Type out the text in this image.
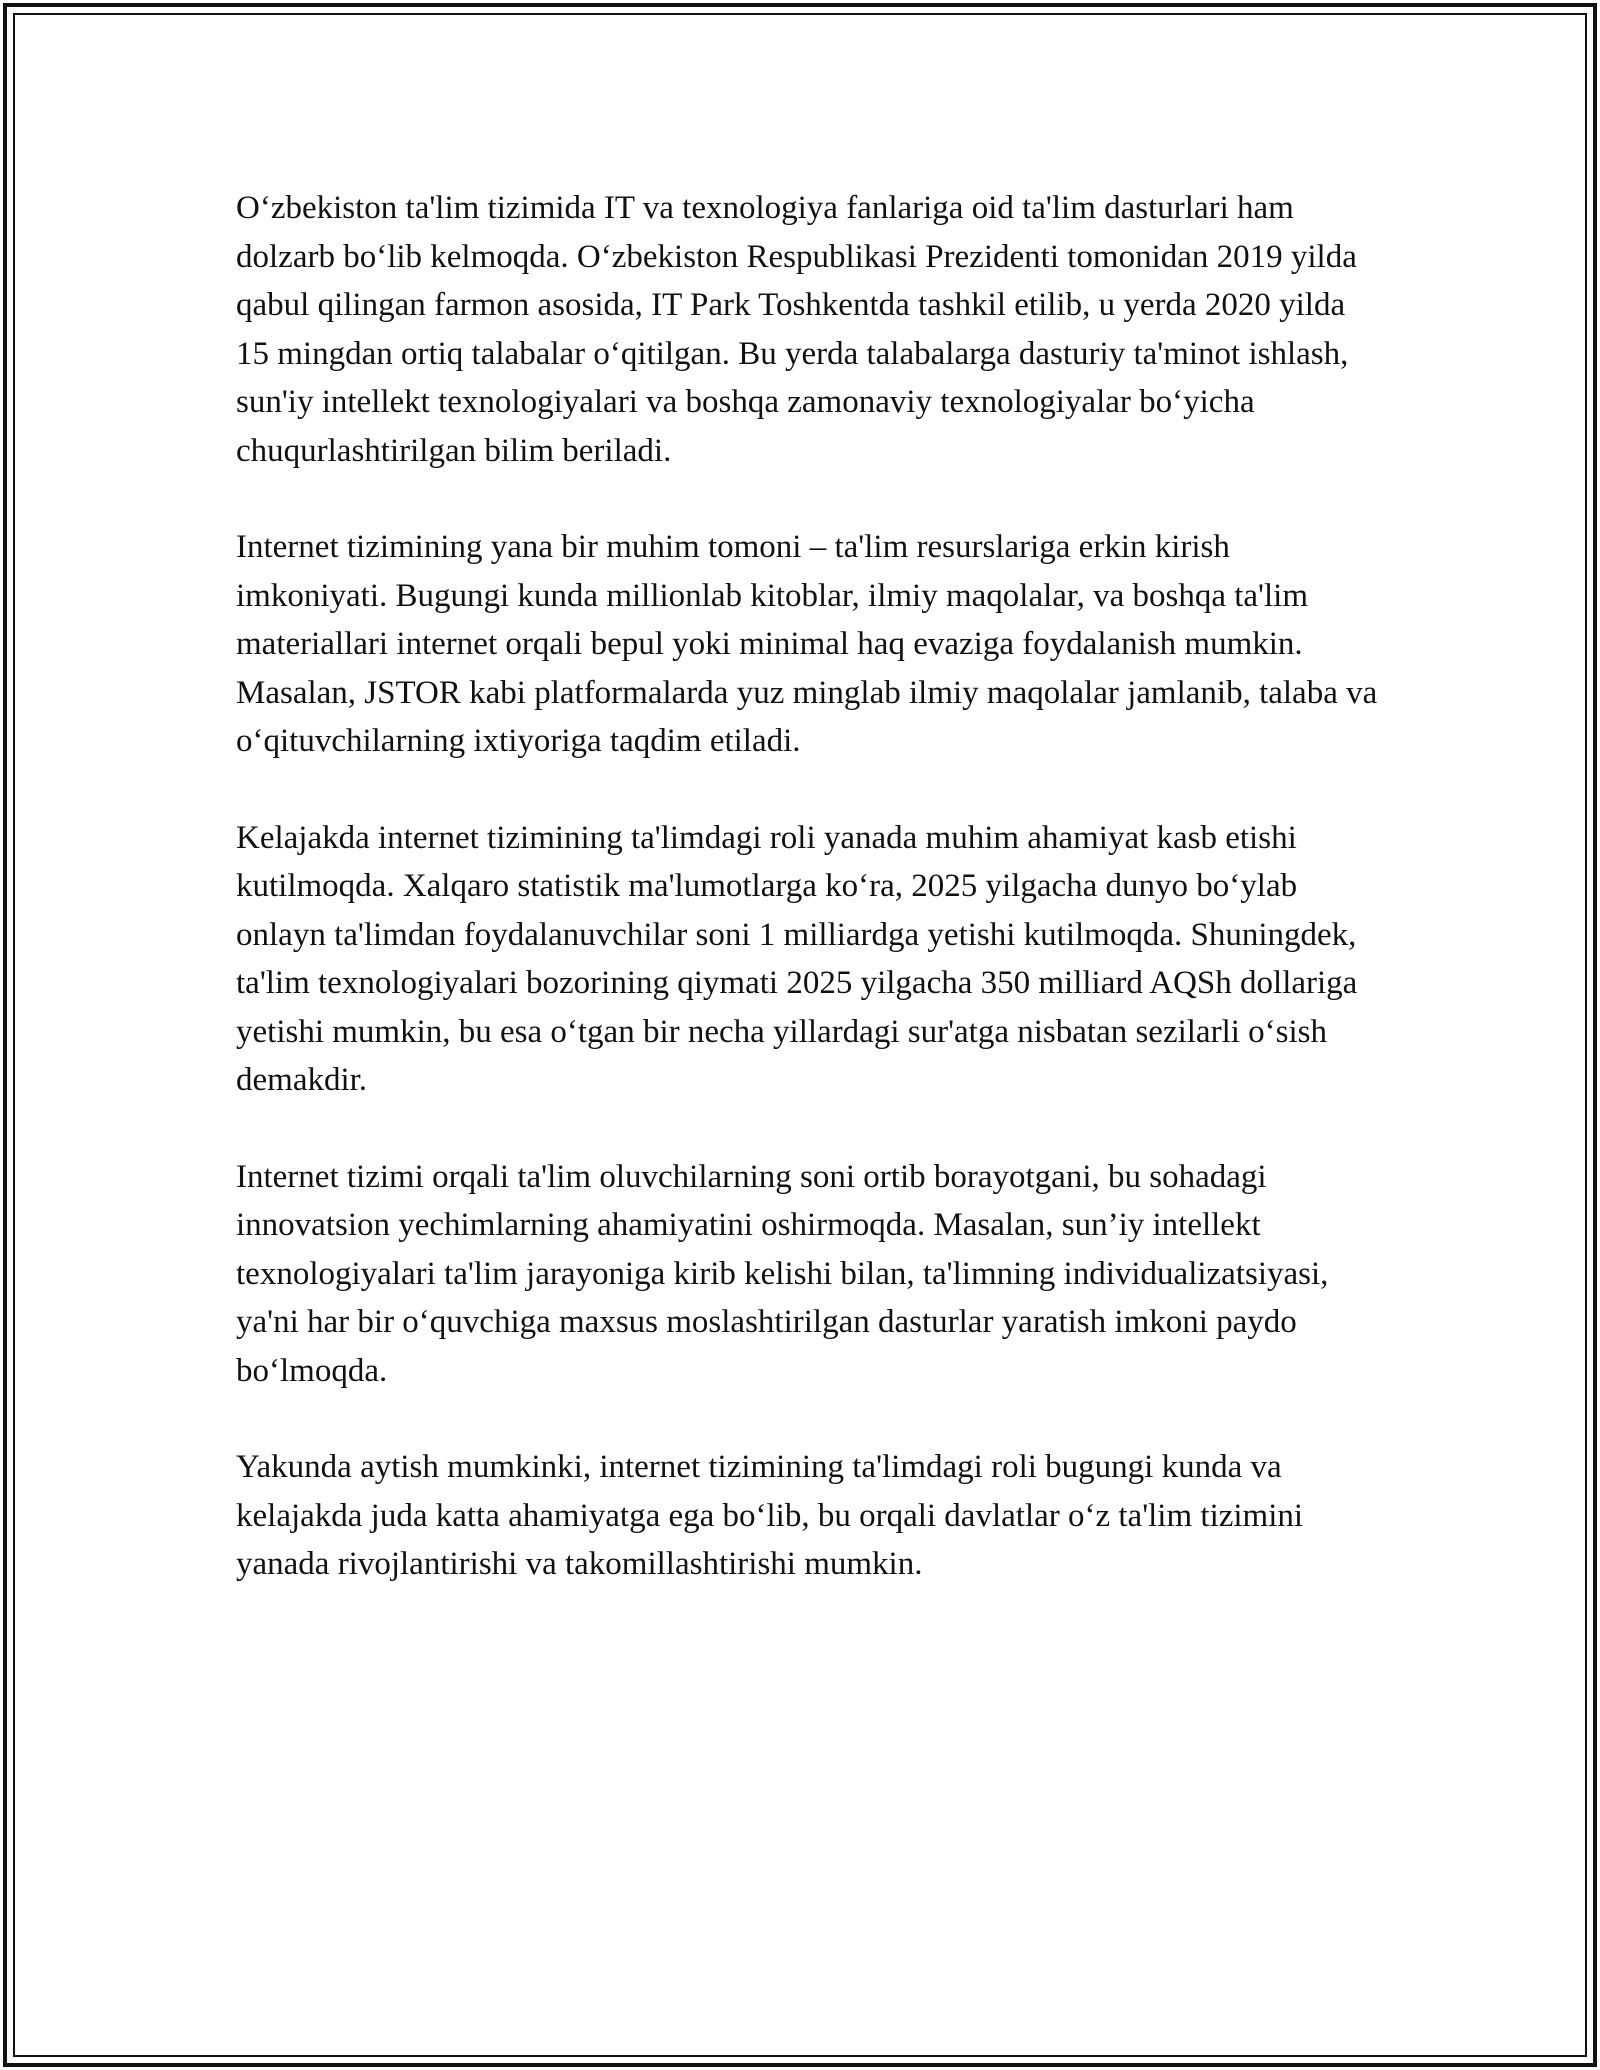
O‘zbekiston ta'lim tizimida IT va texnologiya fanlariga oid ta'lim dasturlari ham dolzarb bo‘lib kelmoqda. O‘zbekiston Respublikasi Prezidenti tomonidan 2019 yilda qabul qilingan farmon asosida, IT Park Toshkentda tashkil etilib, u yerda 2020 yilda 15 mingdan ortiq talabalar o‘qitilgan. Bu yerda talabalarga dasturiy ta'minot ishlash, sun'iy intellekt texnologiyalari va boshqa zamonaviy texnologiyalar bo‘yicha chuqurlashtirilgan bilim beriladi.

Internet tizimining yana bir muhim tomoni – ta'lim resurslariga erkin kirish imkoniyati. Bugungi kunda millionlab kitoblar, ilmiy maqolalar, va boshqa ta'lim materiallari internet orqali bepul yoki minimal haq evaziga foydalanish mumkin. Masalan, JSTOR kabi platformalarda yuz minglab ilmiy maqolalar jamlanib, talaba va o‘qituvchilarning ixtiyoriga taqdim etiladi.

Kelajakda internet tizimining ta'limdagi roli yanada muhim ahamiyat kasb etishi kutilmoqda. Xalqaro statistik ma'lumotlarga ko‘ra, 2025 yilgacha dunyo bo‘ylab onlayn ta'limdan foydalanuvchilar soni 1 milliardga yetishi kutilmoqda. Shuningdek, ta'lim texnologiyalari bozorining qiymati 2025 yilgacha 350 milliard AQSh dollariga yetishi mumkin, bu esa o‘tgan bir necha yillardagi sur'atga nisbatan sezilarli o‘sish demakdir.

Internet tizimi orqali ta'lim oluvchilarning soni ortib borayotgani, bu sohadagi innovatsion yechimlarning ahamiyatini oshirmoqda. Masalan, sun’iy intellekt texnologiyalari ta'lim jarayoniga kirib kelishi bilan, ta'limning individualizatsiyasi, ya'ni har bir o‘quvchiga maxsus moslashtirilgan dasturlar yaratish imkoni paydo bo‘lmoqda.

Yakunda aytish mumkinki, internet tizimining ta'limdagi roli bugungi kunda va kelajakda juda katta ahamiyatga ega bo‘lib, bu orqali davlatlar o‘z ta'lim tizimini yanada rivojlantirishi va takomillashtirishi mumkin.
